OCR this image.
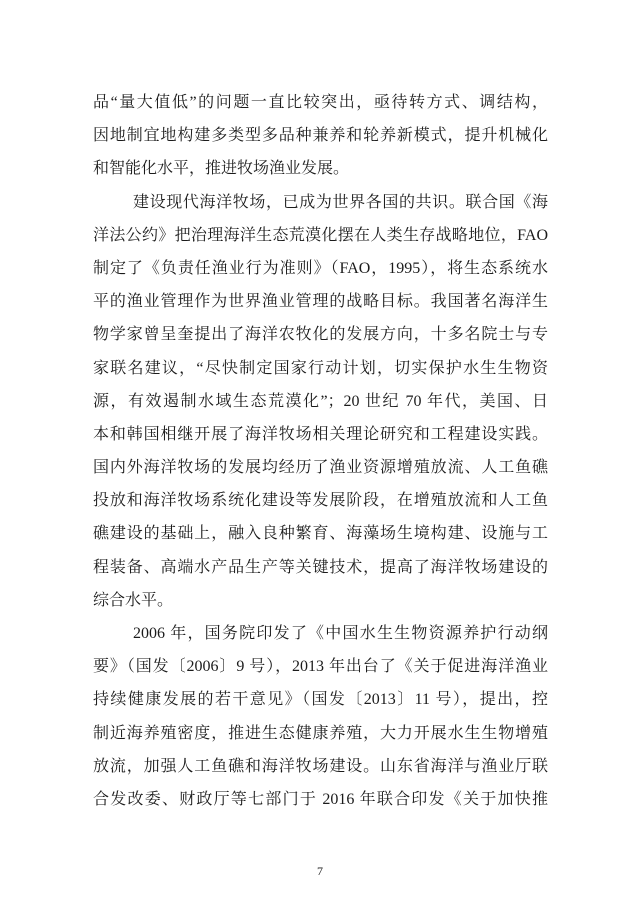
品“量大值低”的问题一直比较突出，亟待转方式、调结构，
因地制宜地构建多类型多品种兼养和轮养新模式，提升机械化
和智能化水平，推进牧场渔业发展。
建设现代海洋牧场，已成为世界各国的共识。联合国《海
洋法公约》把治理海洋生态荒漠化摆在人类生存战略地位，FAO
制定了《负责任渔业行为准则》（FAO，1995），将生态系统水
平的渔业管理作为世界渔业管理的战略目标。我国著名海洋生
物学家曾呈奎提出了海洋农牧化的发展方向，十多名院士与专
家联名建议，“尽快制定国家行动计划，切实保护水生生物资
源，有效遏制水域生态荒漠化”；20 世纪 70 年代，美国、日
本和韩国相继开展了海洋牧场相关理论研究和工程建设实践。
国内外海洋牧场的发展均经历了渔业资源增殖放流、人工鱼礁
投放和海洋牧场系统化建设等发展阶段，在增殖放流和人工鱼
礁建设的基础上，融入良种繁育、海藻场生境构建、设施与工
程装备、高端水产品生产等关键技术，提高了海洋牧场建设的
综合水平。
2006 年，国务院印发了《中国水生生物资源养护行动纲
要》（国发〔2006〕9 号），2013 年出台了《关于促进海洋渔业
持续健康发展的若干意见》（国发〔2013〕11 号），提出，控
制近海养殖密度，推进生态健康养殖，大力开展水生生物增殖
放流，加强人工鱼礁和海洋牧场建设。山东省海洋与渔业厅联
合发改委、财政厅等七部门于 2016 年联合印发《关于加快推
7
